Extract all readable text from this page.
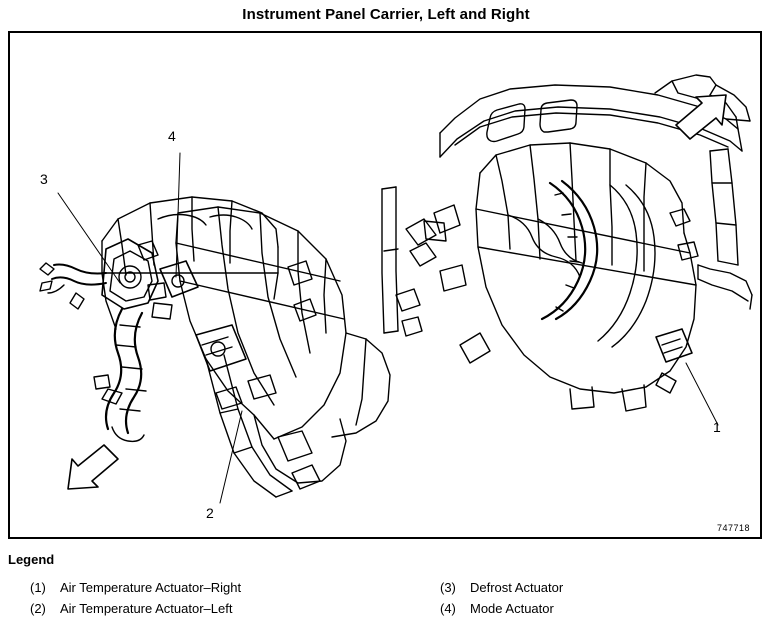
Instrument Panel Carrier, Left and Right
1
2
3
4
747718
Legend
(1)	Air Temperature Actuator–Right
(2)	Air Temperature Actuator–Left
(3)	Defrost Actuator
(4)	Mode Actuator
